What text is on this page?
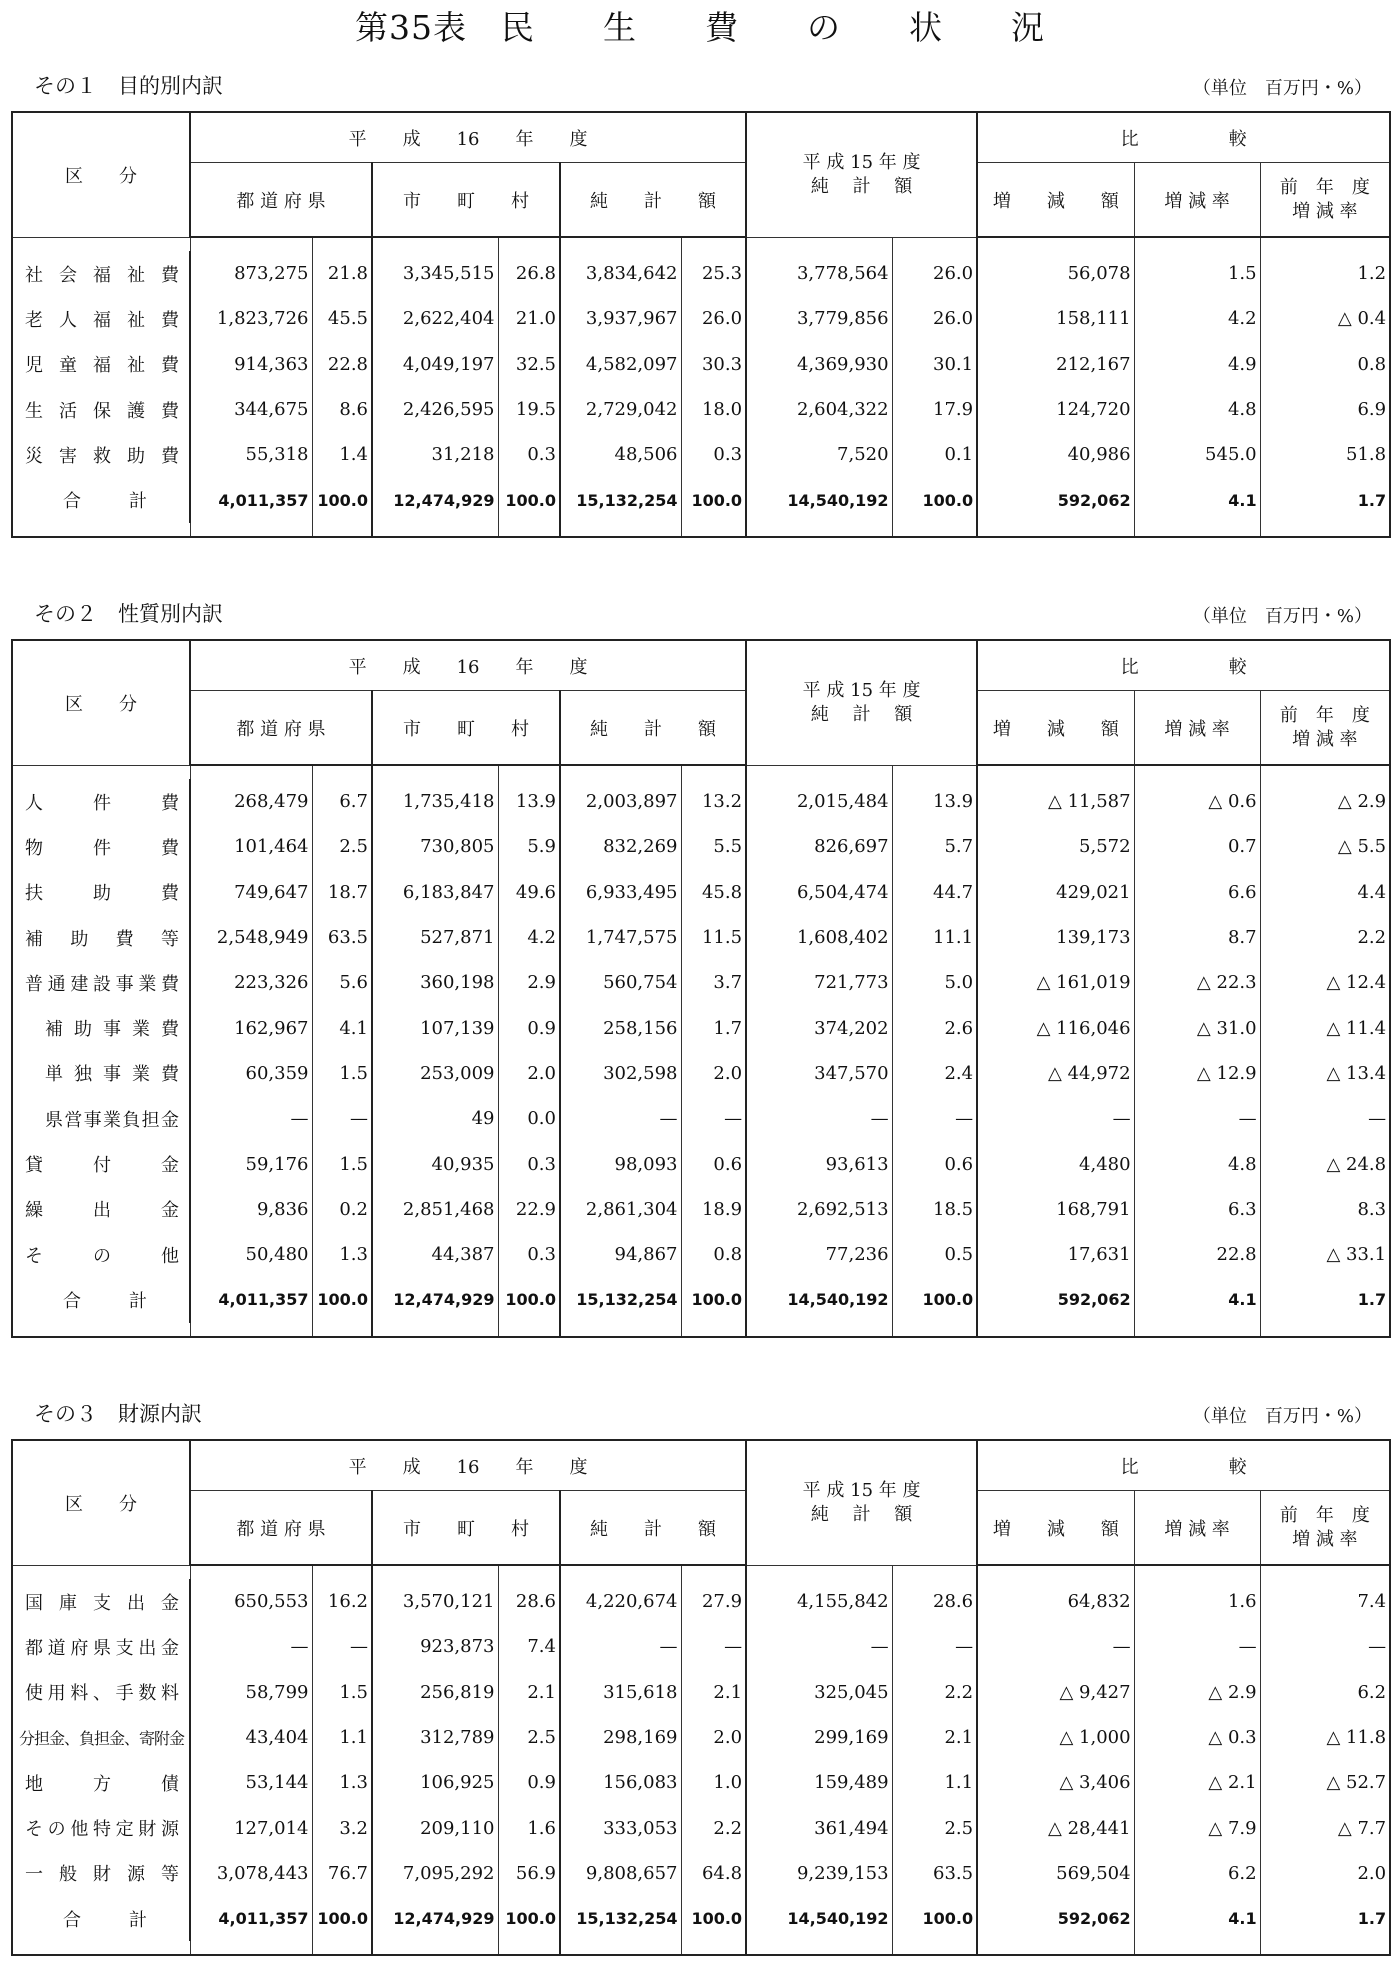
第35表　民　　生　　費　　の　　状　　況
その１　目的別内訳	（単位　百万円・%）
区　　分	平　　成　　16　　年　　度						平 成 15 年 度
純　 計　 額		比　　　　　較		
	都 道 府 県		市　　町　　村		純　　計　　額				増　　減　　額	増 減 率	前　年　度
増 減 率

社会福祉費	873,275	21.8	3,345,515	26.8	3,834,642	25.3	3,778,564	26.0	56,078	1.5	1.2
老人福祉費	1,823,726	45.5	2,622,404	21.0	3,937,967	26.0	3,779,856	26.0	158,111	4.2	△ 0.4
児童福祉費	914,363	22.8	4,049,197	32.5	4,582,097	30.3	4,369,930	30.1	212,167	4.9	0.8
生活保護費	344,675	8.6	2,426,595	19.5	2,729,042	18.0	2,604,322	17.9	124,720	4.8	6.9
災害救助費	55,318	1.4	31,218	0.3	48,506	0.3	7,520	0.1	40,986	545.0	51.8
合計	4,011,357	100.0	12,474,929	100.0	15,132,254	100.0	14,540,192	100.0	592,062	4.1	1.7

その２　性質別内訳	（単位　百万円・%）
区　　分	平　　成　　16　　年　　度						平 成 15 年 度
純　 計　 額		比　　　　　較		
	都 道 府 県		市　　町　　村		純　　計　　額				増　　減　　額	増 減 率	前　年　度
増 減 率

人件費	268,479	6.7	1,735,418	13.9	2,003,897	13.2	2,015,484	13.9	△ 11,587	△ 0.6	△ 2.9
物件費	101,464	2.5	730,805	5.9	832,269	5.5	826,697	5.7	5,572	0.7	△ 5.5
扶助費	749,647	18.7	6,183,847	49.6	6,933,495	45.8	6,504,474	44.7	429,021	6.6	4.4
補助費等	2,548,949	63.5	527,871	4.2	1,747,575	11.5	1,608,402	11.1	139,173	8.7	2.2
普通建設事業費	223,326	5.6	360,198	2.9	560,754	3.7	721,773	5.0	△ 161,019	△ 22.3	△ 12.4
補助事業費	162,967	4.1	107,139	0.9	258,156	1.7	374,202	2.6	△ 116,046	△ 31.0	△ 11.4
単独事業費	60,359	1.5	253,009	2.0	302,598	2.0	347,570	2.4	△ 44,972	△ 12.9	△ 13.4
県営事業負担金	—	—	49	0.0	—	—	—	—	—	—	—
貸付金	59,176	1.5	40,935	0.3	98,093	0.6	93,613	0.6	4,480	4.8	△ 24.8
繰出金	9,836	0.2	2,851,468	22.9	2,861,304	18.9	2,692,513	18.5	168,791	6.3	8.3
その他	50,480	1.3	44,387	0.3	94,867	0.8	77,236	0.5	17,631	22.8	△ 33.1
合計	4,011,357	100.0	12,474,929	100.0	15,132,254	100.0	14,540,192	100.0	592,062	4.1	1.7

その３　財源内訳	（単位　百万円・%）
区　　分	平　　成　　16　　年　　度						平 成 15 年 度
純　 計　 額		比　　　　　較		
	都 道 府 県		市　　町　　村		純　　計　　額				増　　減　　額	増 減 率	前　年　度
増 減 率

国庫支出金	650,553	16.2	3,570,121	28.6	4,220,674	27.9	4,155,842	28.6	64,832	1.6	7.4
都道府県支出金	—	—	923,873	7.4	—	—	—	—	—	—	—
使用料、手数料	58,799	1.5	256,819	2.1	315,618	2.1	325,045	2.2	△ 9,427	△ 2.9	6.2
分担金、負担金、寄附金	43,404	1.1	312,789	2.5	298,169	2.0	299,169	2.1	△ 1,000	△ 0.3	△ 11.8
地方債	53,144	1.3	106,925	0.9	156,083	1.0	159,489	1.1	△ 3,406	△ 2.1	△ 52.7
その他特定財源	127,014	3.2	209,110	1.6	333,053	2.2	361,494	2.5	△ 28,441	△ 7.9	△ 7.7
一般財源等	3,078,443	76.7	7,095,292	56.9	9,808,657	64.8	9,239,153	63.5	569,504	6.2	2.0
合計	4,011,357	100.0	12,474,929	100.0	15,132,254	100.0	14,540,192	100.0	592,062	4.1	1.7
